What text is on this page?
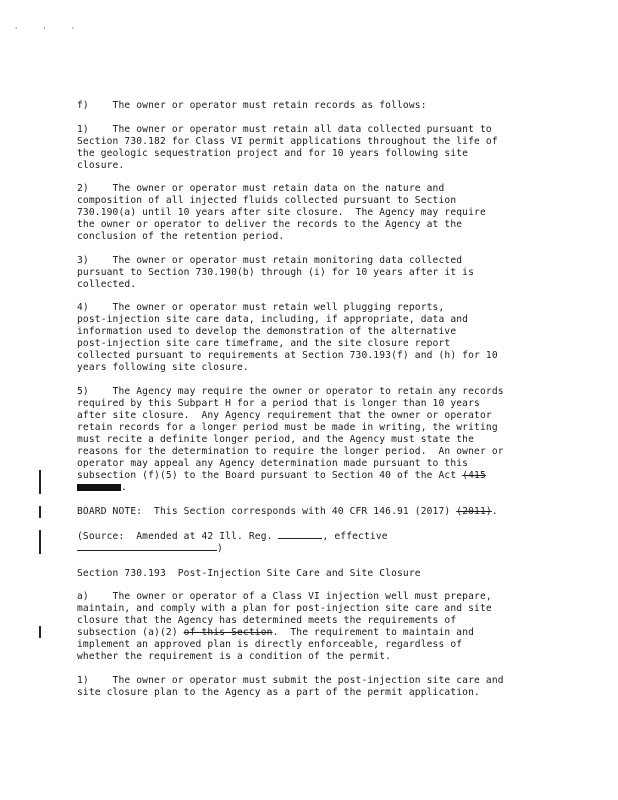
' ' '
f)    The owner or operator must retain records as follows:
1)    The owner or operator must retain all data collected pursuant to
Section 730.182 for Class VI permit applications throughout the life of
the geologic sequestration project and for 10 years following site
closure.
2)    The owner or operator must retain data on the nature and
composition of all injected fluids collected pursuant to Section
730.190(a) until 10 years after site closure.  The Agency may require
the owner or operator to deliver the records to the Agency at the
conclusion of the retention period.
3)    The owner or operator must retain monitoring data collected
pursuant to Section 730.190(b) through (i) for 10 years after it is
collected.
4)    The owner or operator must retain well plugging reports,
post-injection site care data, including, if appropriate, data and
information used to develop the demonstration of the alternative
post-injection site care timeframe, and the site closure report
collected pursuant to requirements at Section 730.193(f) and (h) for 10
years following site closure.
5)    The Agency may require the owner or operator to retain any records
required by this Subpart H for a period that is longer than 10 years
after site closure.  Any Agency requirement that the owner or operator
retain records for a longer period must be made in writing, the writing
must recite a definite longer period, and the Agency must state the
reasons for the determination to require the longer period.  An owner or
operator may appeal any Agency determination made pursuant to this
subsection (f)(5) to the Board pursuant to Section 40 of the Act (415
.
BOARD NOTE:  This Section corresponds with 40 CFR 146.91 (2017) (2011).
(Source:  Amended at 42 Ill. Reg.	, effective
)
Section 730.193  Post-Injection Site Care and Site Closure
a)    The owner or operator of a Class VI injection well must prepare,
maintain, and comply with a plan for post-injection site care and site
closure that the Agency has determined meets the requirements of
subsection (a)(2) of this Section.  The requirement to maintain and
implement an approved plan is directly enforceable, regardless of
whether the requirement is a condition of the permit.
1)    The owner or operator must submit the post-injection site care and
site closure plan to the Agency as a part of the permit application.
